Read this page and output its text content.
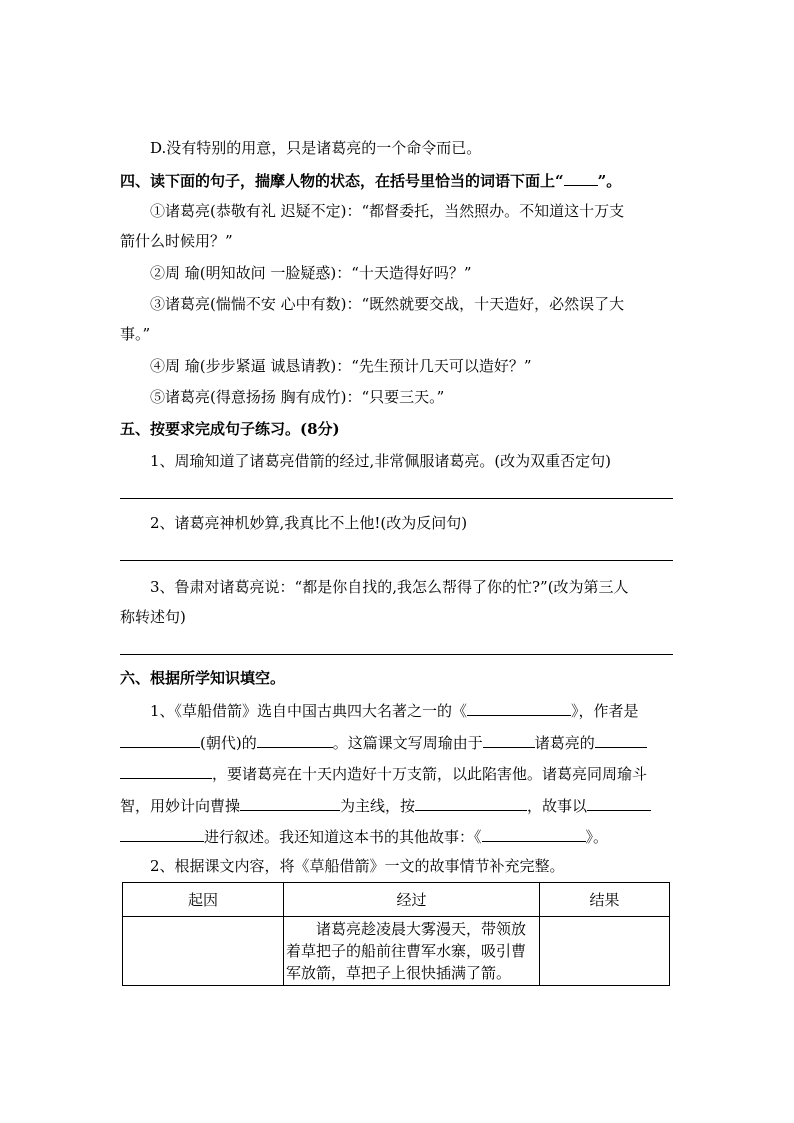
D.没有特别的用意，只是诸葛亮的一个命令而已。
四、读下面的句子，揣摩人物的状态，在括号里恰当的词语下面上“ ”。
①诸葛亮(恭敬有礼 迟疑不定)：“都督委托，当然照办。不知道这十万支
箭什么时候用？”
②周 瑜(明知故问 一脸疑惑)：“十天造得好吗？”
③诸葛亮(惴惴不安 心中有数)：“既然就要交战，十天造好，必然误了大
事。”
④周 瑜(步步紧逼 诚恳请教)：“先生预计几天可以造好？”
⑤诸葛亮(得意扬扬 胸有成竹)：“只要三天。”
五、按要求完成句子练习。(8分)
1、周瑜知道了诸葛亮借箭的经过,非常佩服诸葛亮。(改为双重否定句)
2、诸葛亮神机妙算,我真比不上他!(改为反问句)
3、鲁肃对诸葛亮说：“都是你自找的,我怎么帮得了你的忙?”(改为第三人
称转述句)
六、根据所学知识填空。
1、《草船借箭》选自中国古典四大名著之一的《	》，作者是
(朝代)的	。这篇课文写周瑜由于	诸葛亮的
，要诸葛亮在十天内造好十万支箭，以此陷害他。诸葛亮同周瑜斗
智，用妙计向曹操	为主线，按	，故事以
进行叙述。我还知道这本书的其他故事：《	》。
2、根据课文内容，将《草船借箭》一文的故事情节补充完整。
起因	经过	结果

	诸葛亮趁凌晨大雾漫天，带领放着草把子的船前往曹军水寨，吸引曹军放箭，草把子上很快插满了箭。	
